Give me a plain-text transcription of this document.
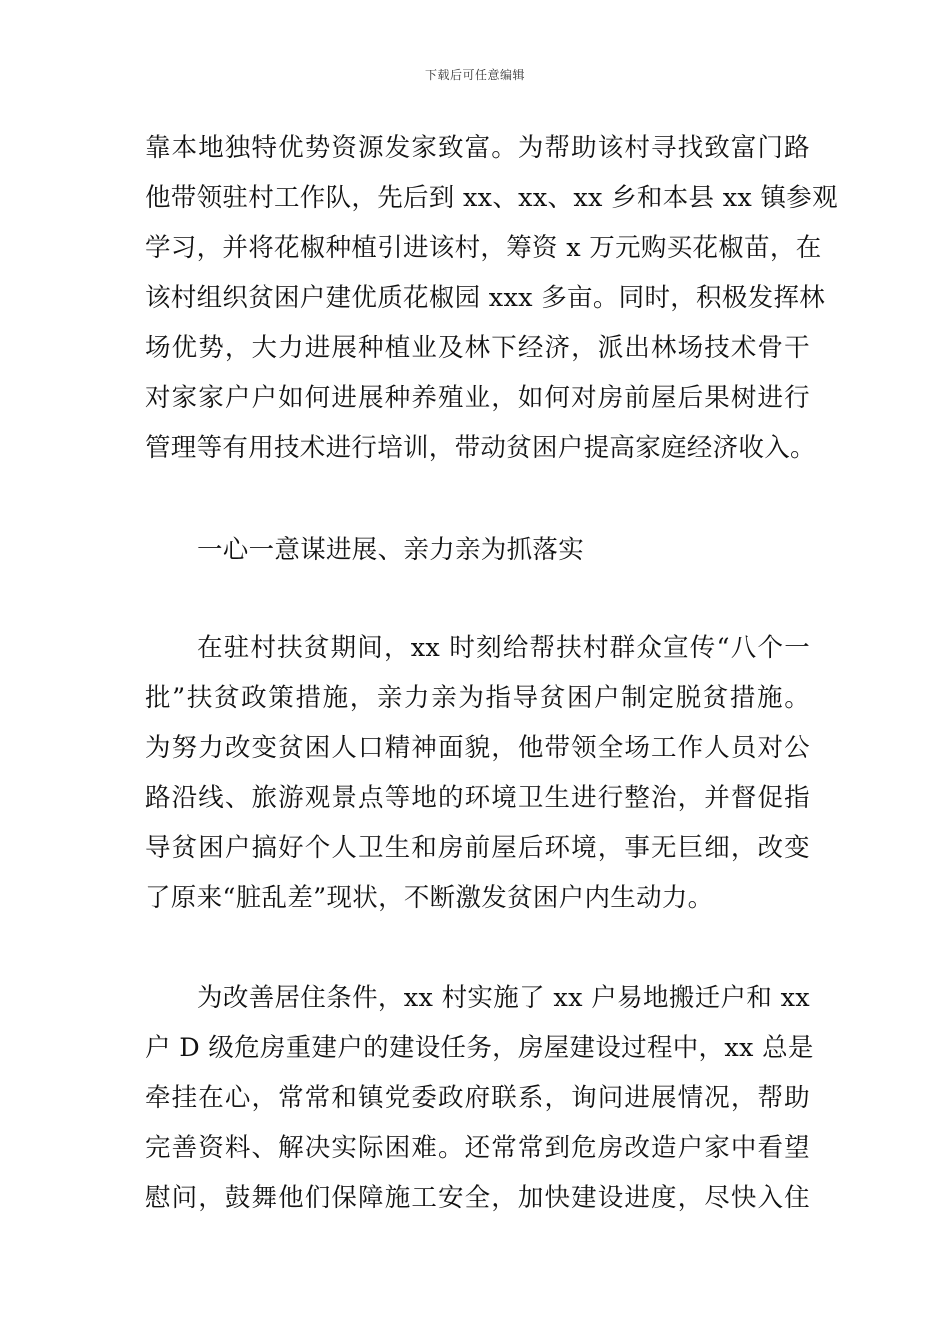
下载后可任意编辑
靠本地独特优势资源发家致富。为帮助该村寻找致富门路
他带领驻村工作队，先后到 xx、xx、xx 乡和本县 xx 镇参观
学习，并将花椒种植引进该村，筹资 x 万元购买花椒苗，在
该村组织贫困户建优质花椒园 xxx 多亩。同时，积极发挥林
场优势，大力进展种植业及林下经济，派出林场技术骨干
对家家户户如何进展种养殖业，如何对房前屋后果树进行
管理等有用技术进行培训，带动贫困户提高家庭经济收入。
一心一意谋进展、亲力亲为抓落实
在驻村扶贫期间，xx 时刻给帮扶村群众宣传“八个一
批”扶贫政策措施，亲力亲为指导贫困户制定脱贫措施。
为努力改变贫困人口精神面貌，他带领全场工作人员对公
路沿线、旅游观景点等地的环境卫生进行整治，并督促指
导贫困户搞好个人卫生和房前屋后环境，事无巨细，改变
了原来“脏乱差”现状，不断激发贫困户内生动力。
为改善居住条件，xx 村实施了 xx 户易地搬迁户和 xx
户 D 级危房重建户的建设任务，房屋建设过程中，xx 总是
牵挂在心，常常和镇党委政府联系，询问进展情况，帮助
完善资料、解决实际困难。还常常到危房改造户家中看望
慰问，鼓舞他们保障施工安全，加快建设进度，尽快入住
